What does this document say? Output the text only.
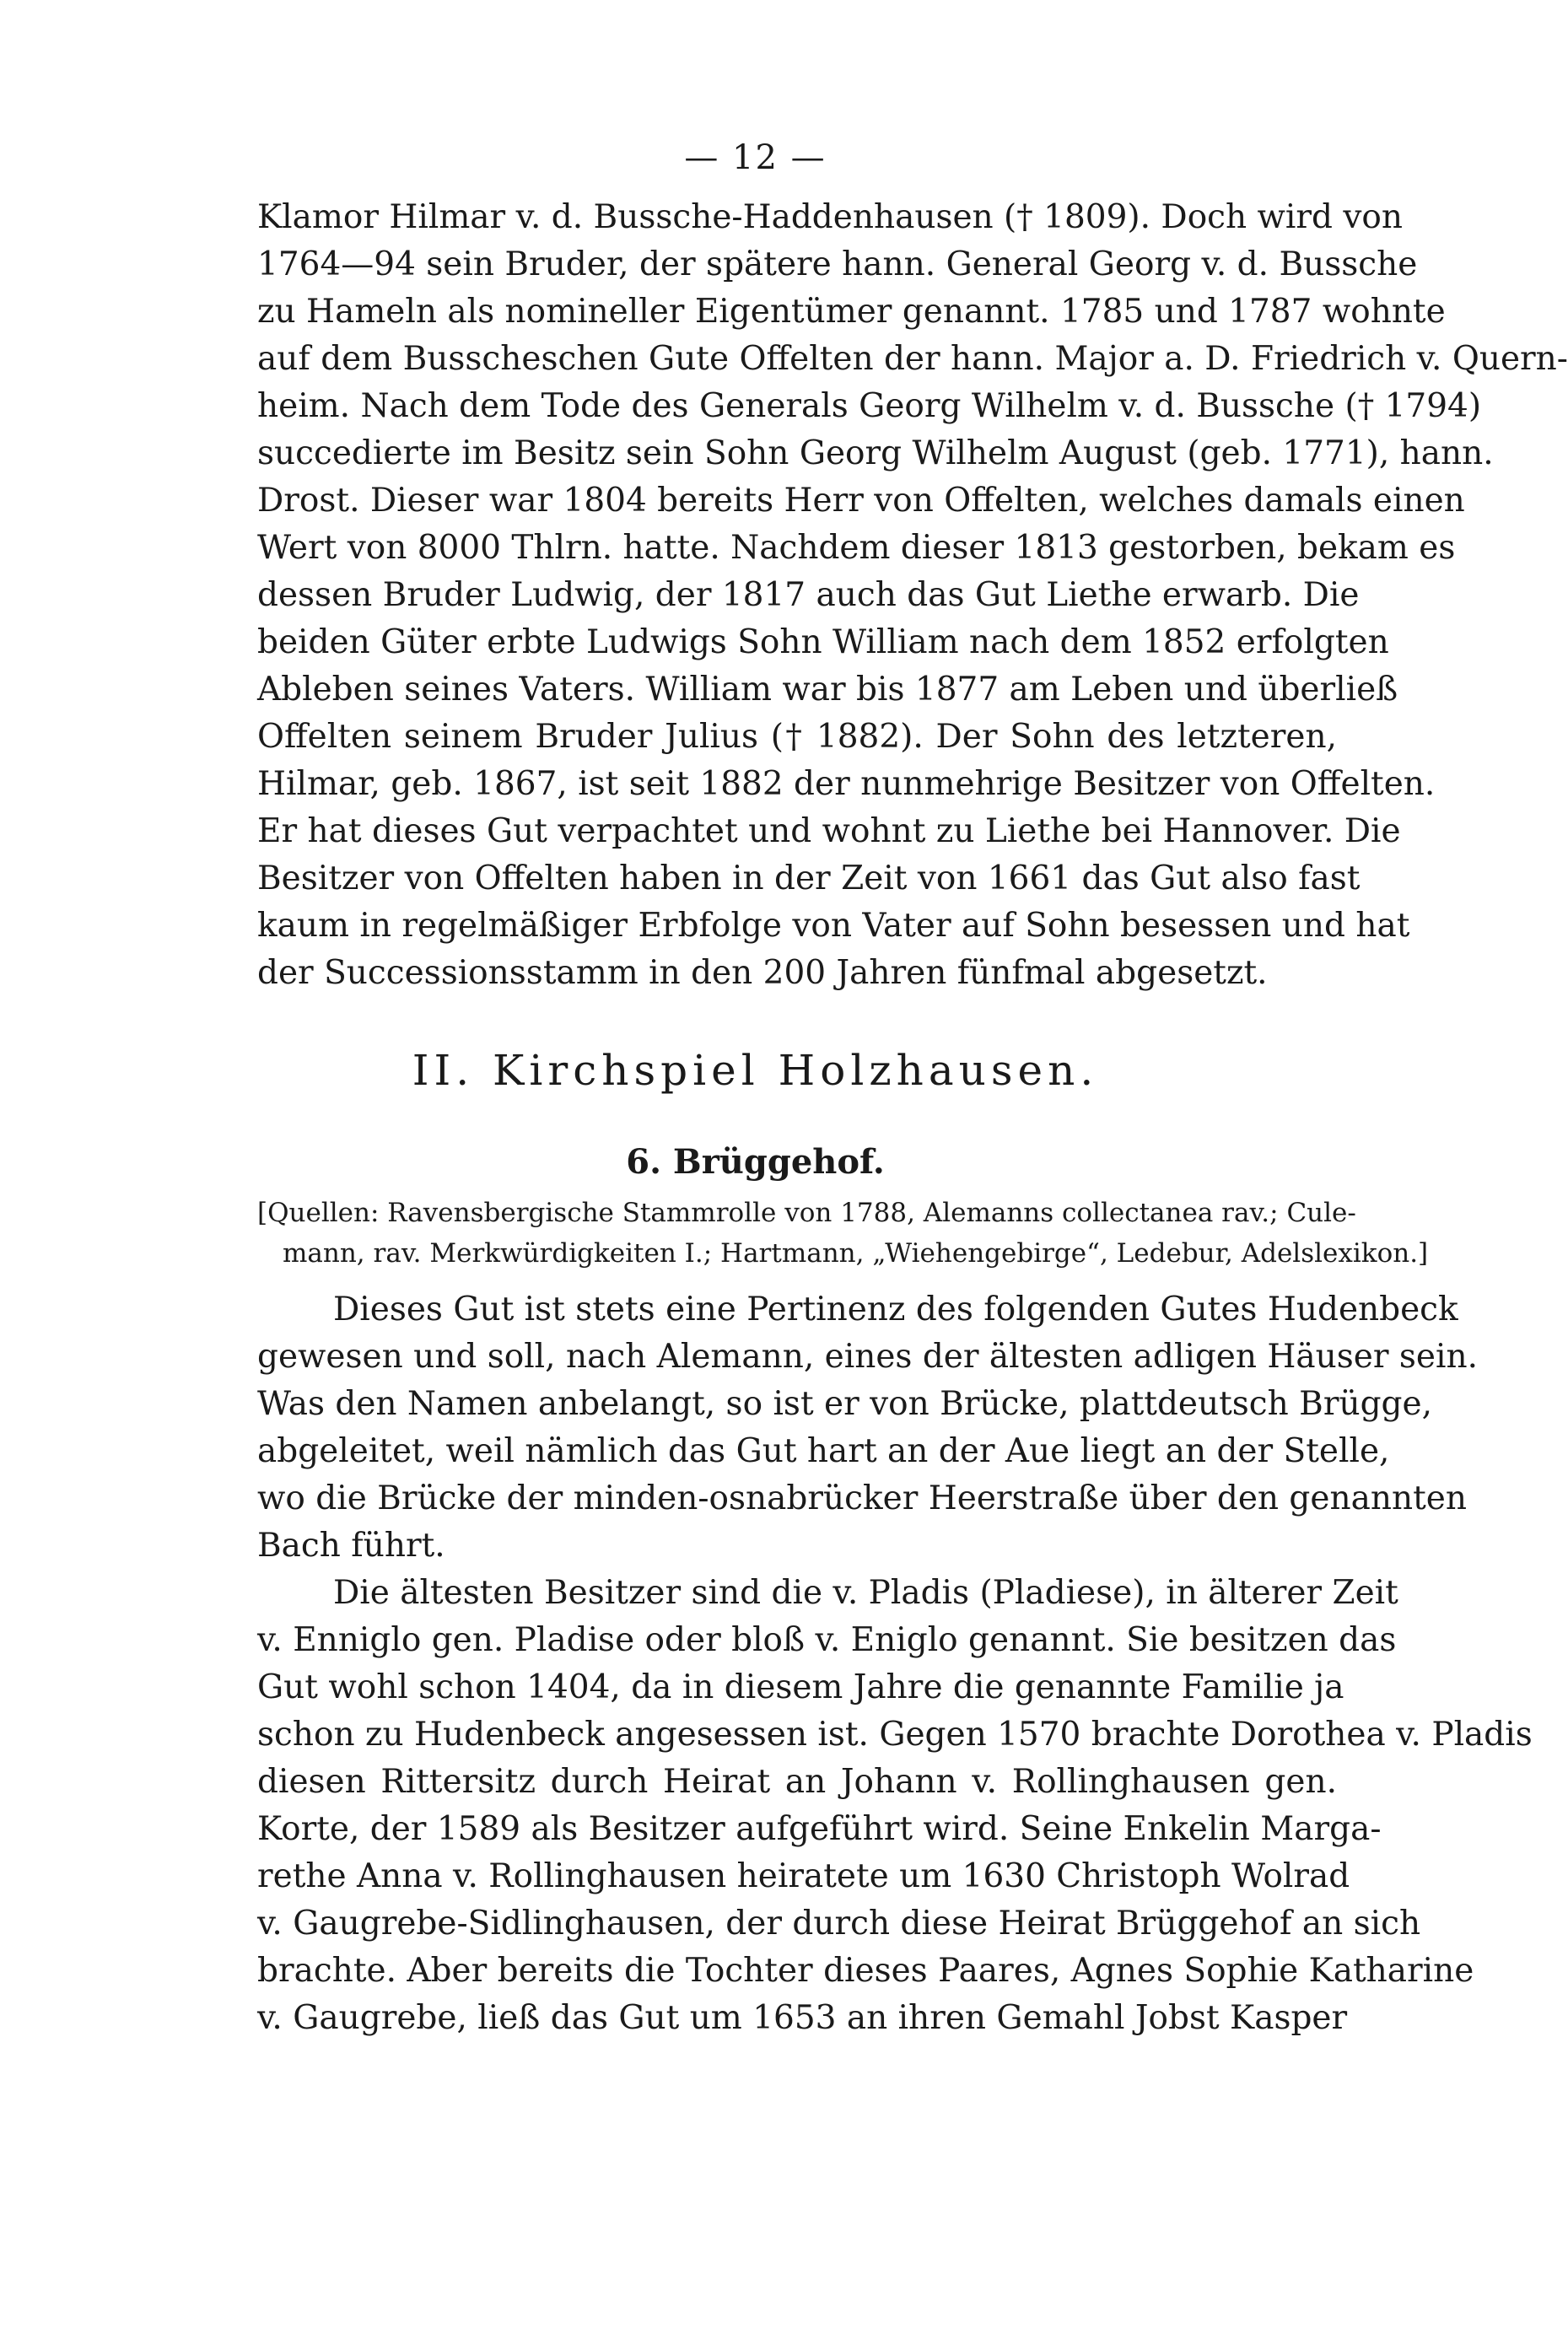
— 12 —
Klamor Hilmar v. d. Bussche-Haddenhausen († 1809). Doch wird von
1764—94 sein Bruder, der spätere hann. General Georg v. d. Bussche
zu Hameln als nomineller Eigentümer genannt. 1785 und 1787 wohnte
auf dem Busscheschen Gute Offelten der hann. Major a. D. Friedrich v. Quern-
heim. Nach dem Tode des Generals Georg Wilhelm v. d. Bussche († 1794)
succedierte im Besitz sein Sohn Georg Wilhelm August (geb. 1771), hann.
Drost. Dieser war 1804 bereits Herr von Offelten, welches damals einen
Wert von 8000 Thlrn. hatte. Nachdem dieser 1813 gestorben, bekam es
dessen Bruder Ludwig, der 1817 auch das Gut Liethe erwarb. Die
beiden Güter erbte Ludwigs Sohn William nach dem 1852 erfolgten
Ableben seines Vaters. William war bis 1877 am Leben und überließ
Offelten seinem Bruder Julius († 1882). Der Sohn des letzteren,
Hilmar, geb. 1867, ist seit 1882 der nunmehrige Besitzer von Offelten.
Er hat dieses Gut verpachtet und wohnt zu Liethe bei Hannover. Die
Besitzer von Offelten haben in der Zeit von 1661 das Gut also fast
kaum in regelmäßiger Erbfolge von Vater auf Sohn besessen und hat
der Successionsstamm in den 200 Jahren fünfmal abgesetzt.
II. Kirchspiel Holzhausen.
6. Brüggehof.
[Quellen: Ravensbergische Stammrolle von 1788, Alemanns collectanea rav.; Cule-
mann, rav. Merkwürdigkeiten I.; Hartmann, „Wiehengebirge“, Ledebur, Adelslexikon.]
Dieses Gut ist stets eine Pertinenz des folgenden Gutes Hudenbeck
gewesen und soll, nach Alemann, eines der ältesten adligen Häuser sein.
Was den Namen anbelangt, so ist er von Brücke, plattdeutsch Brügge,
abgeleitet, weil nämlich das Gut hart an der Aue liegt an der Stelle,
wo die Brücke der minden-osnabrücker Heerstraße über den genannten
Bach führt.
Die ältesten Besitzer sind die v. Pladis (Pladiese), in älterer Zeit
v. Enniglo gen. Pladise oder bloß v. Eniglo genannt. Sie besitzen das
Gut wohl schon 1404, da in diesem Jahre die genannte Familie ja
schon zu Hudenbeck angesessen ist. Gegen 1570 brachte Dorothea v. Pladis
diesen Rittersitz durch Heirat an Johann v. Rollinghausen gen.
Korte, der 1589 als Besitzer aufgeführt wird. Seine Enkelin Marga-
rethe Anna v. Rollinghausen heiratete um 1630 Christoph Wolrad
v. Gaugrebe-Sidlinghausen, der durch diese Heirat Brüggehof an sich
brachte. Aber bereits die Tochter dieses Paares, Agnes Sophie Katharine
v. Gaugrebe, ließ das Gut um 1653 an ihren Gemahl Jobst Kasper
